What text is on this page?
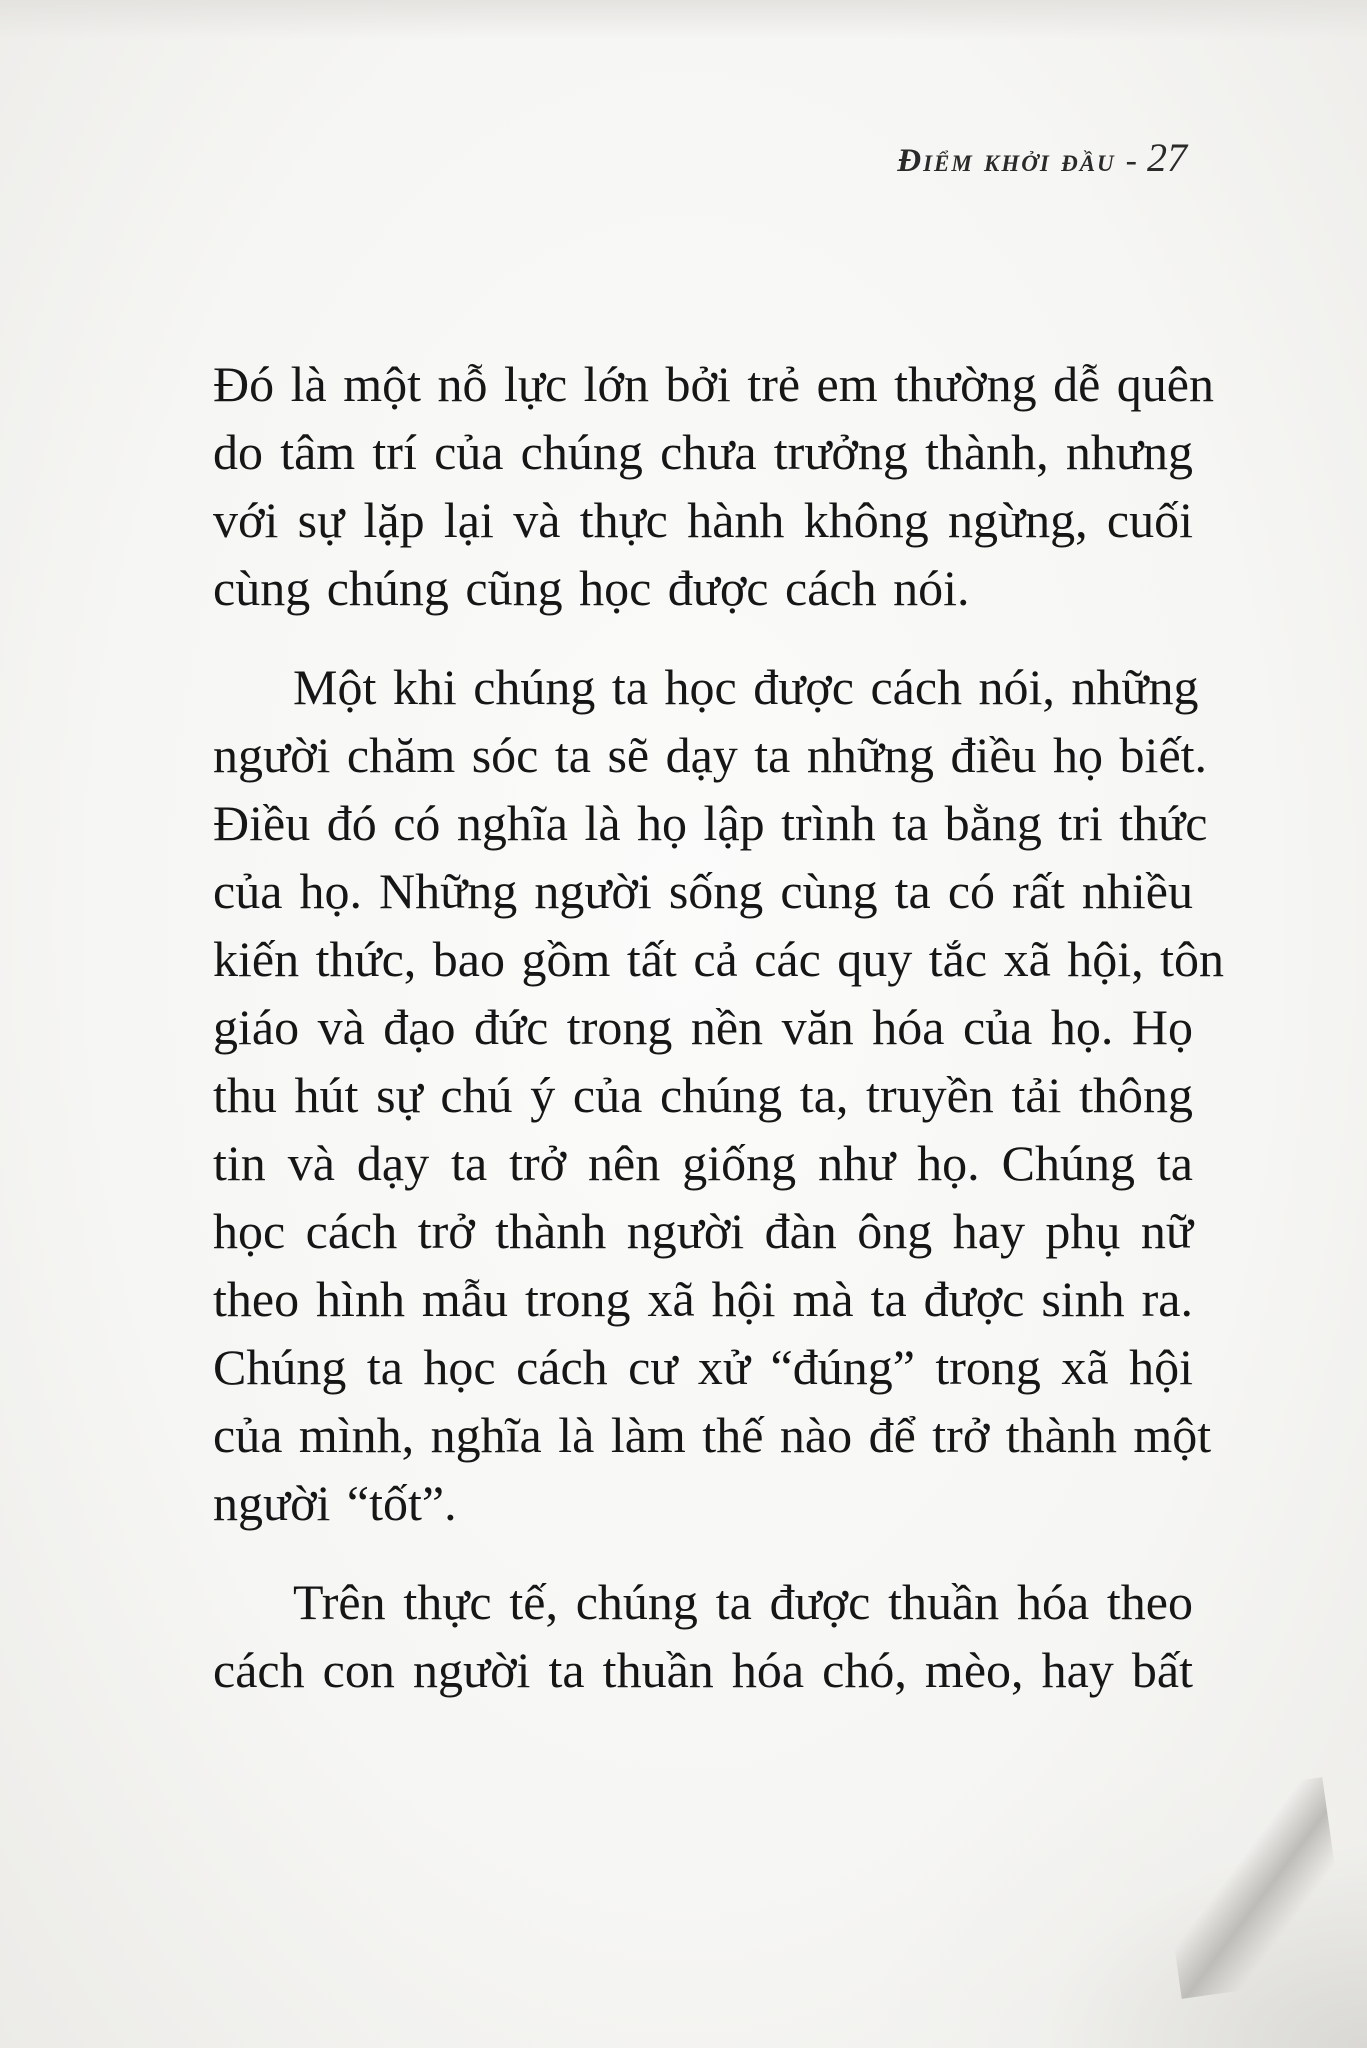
Điểm khởi đầu - 27

Đó là một nỗ lực lớn bởi trẻ em thường dễ quên
do tâm trí của chúng chưa trưởng thành, nhưng
với sự lặp lại và thực hành không ngừng, cuối
cùng chúng cũng học được cách nói.

Một khi chúng ta học được cách nói, những
người chăm sóc ta sẽ dạy ta những điều họ biết.
Điều đó có nghĩa là họ lập trình ta bằng tri thức
của họ. Những người sống cùng ta có rất nhiều
kiến thức, bao gồm tất cả các quy tắc xã hội, tôn
giáo và đạo đức trong nền văn hóa của họ. Họ
thu hút sự chú ý của chúng ta, truyền tải thông
tin và dạy ta trở nên giống như họ. Chúng ta
học cách trở thành người đàn ông hay phụ nữ
theo hình mẫu trong xã hội mà ta được sinh ra.
Chúng ta học cách cư xử “đúng” trong xã hội
của mình, nghĩa là làm thế nào để trở thành một
người “tốt”.

Trên thực tế, chúng ta được thuần hóa theo
cách con người ta thuần hóa chó, mèo, hay bất
